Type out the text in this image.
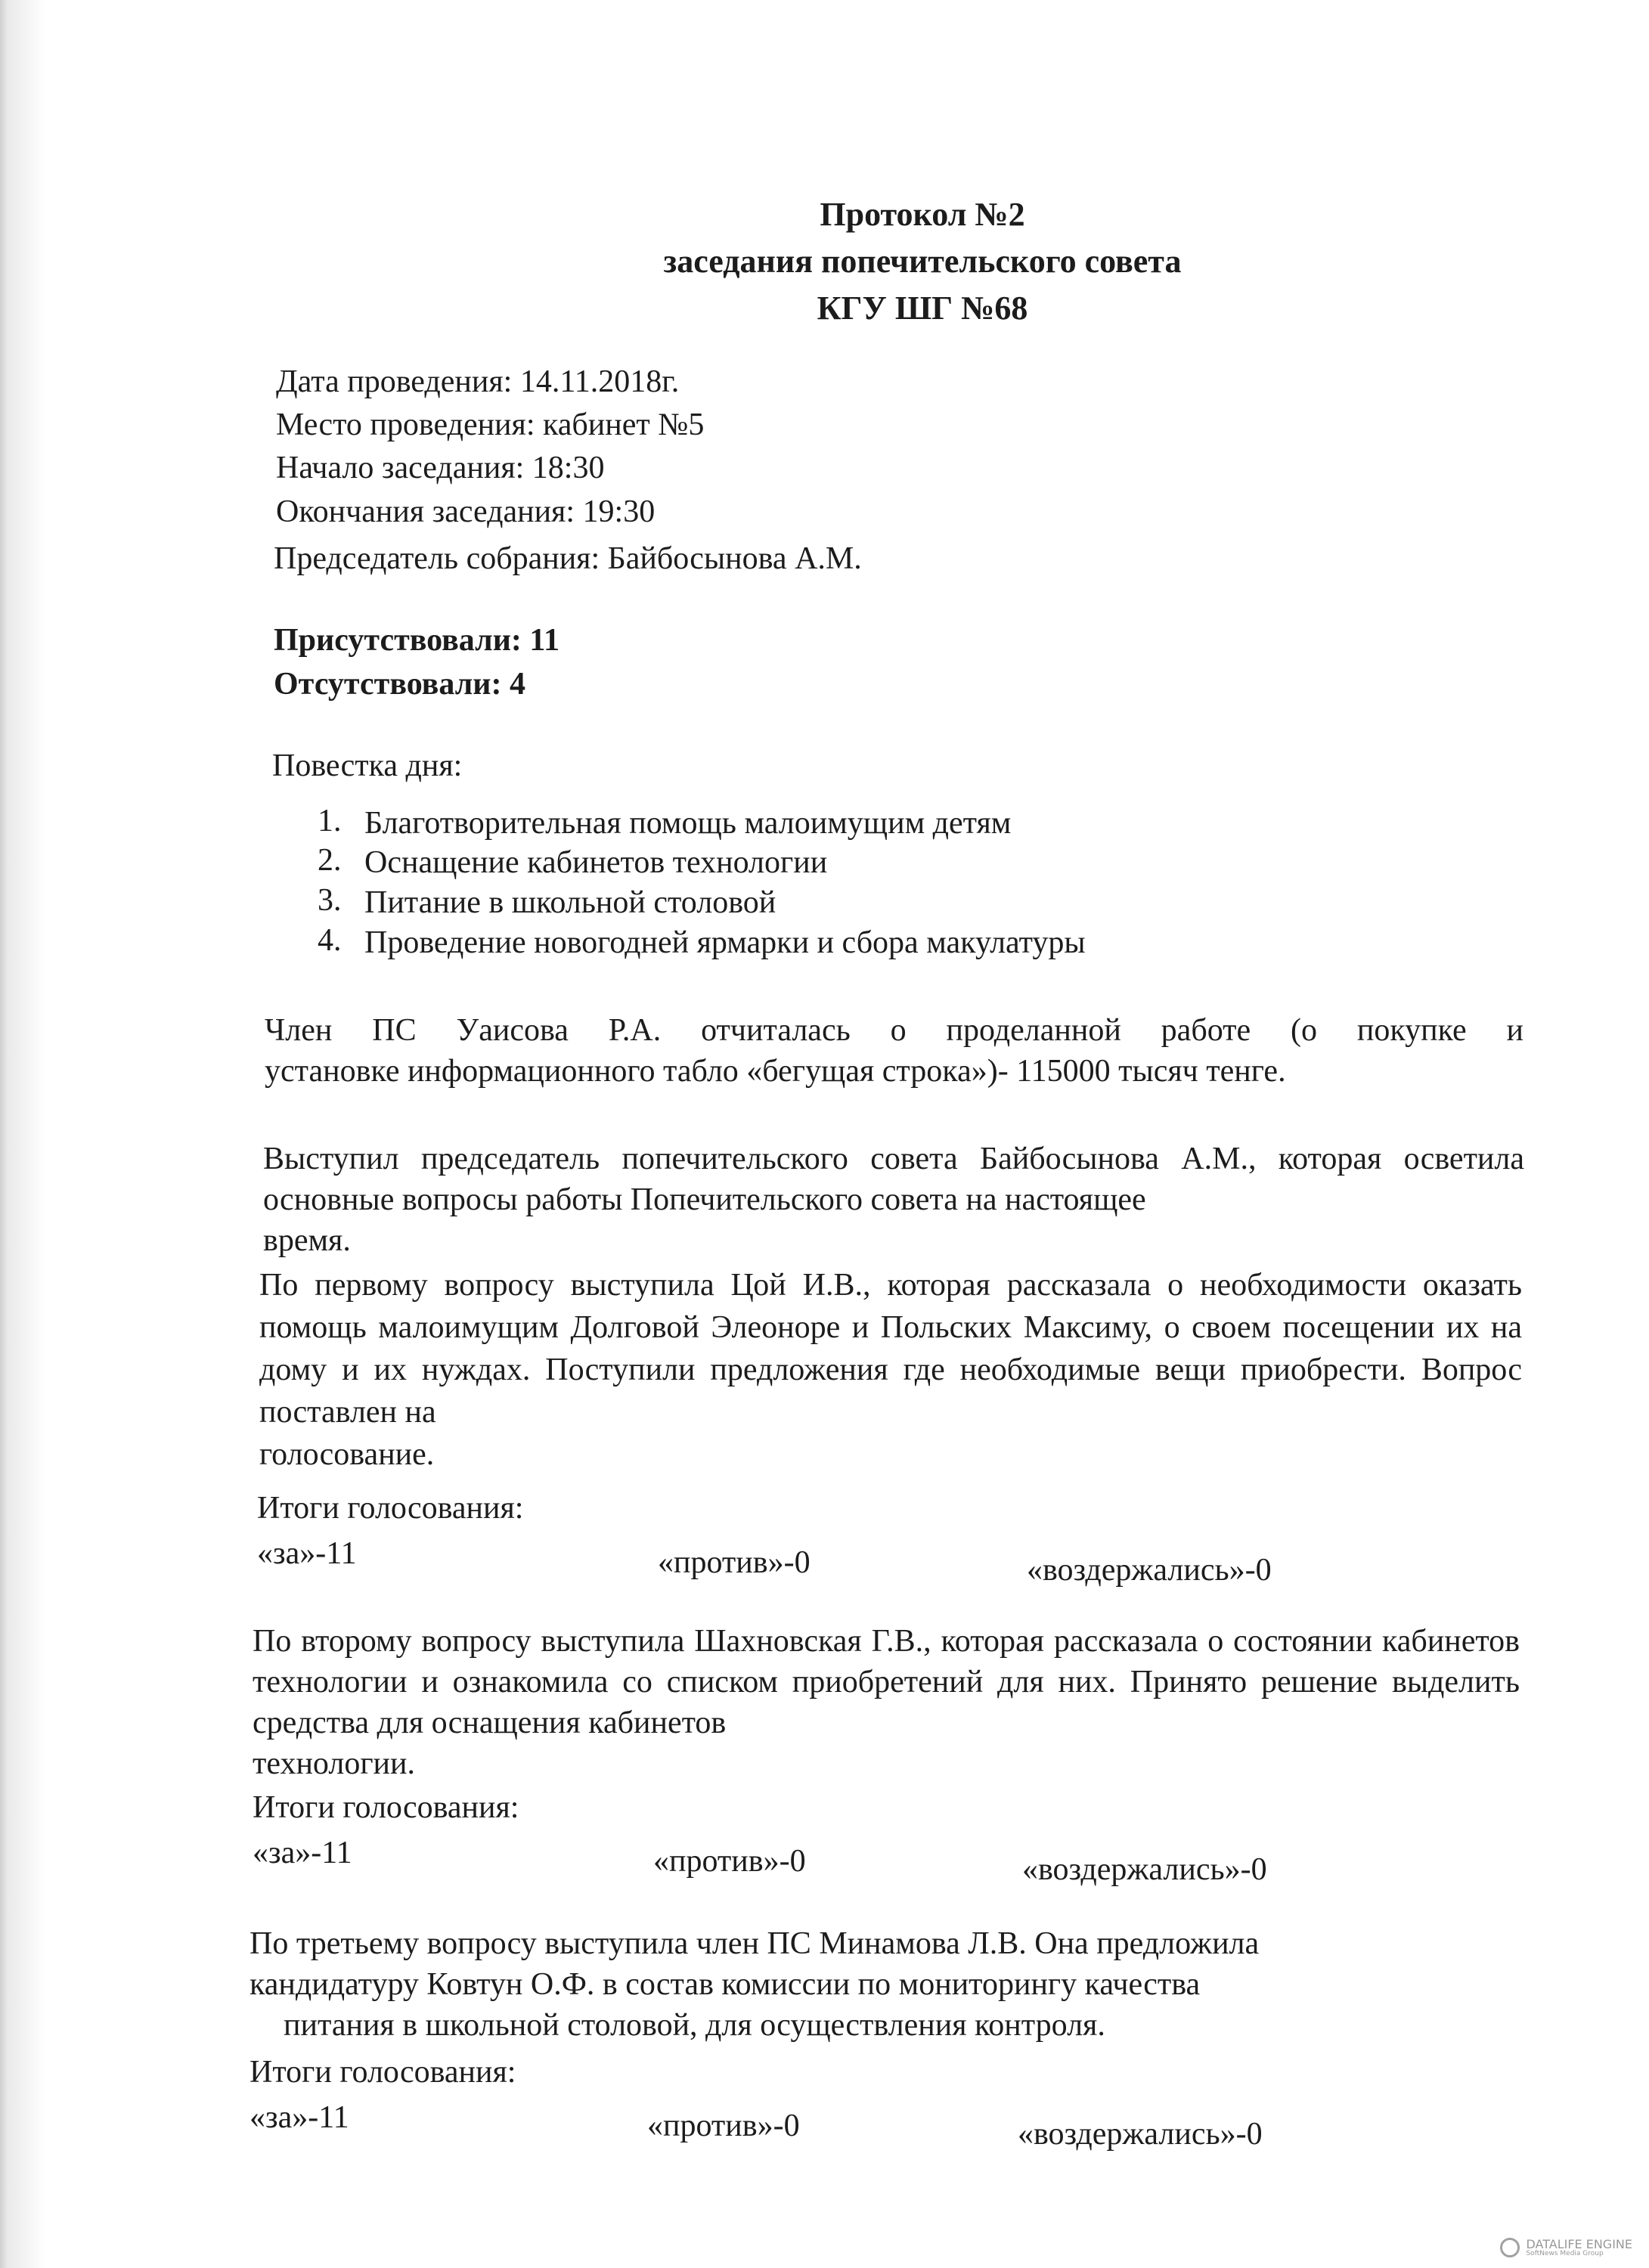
Протокол №2
заседания попечительского совета
КГУ ШГ №68
Дата проведения: 14.11.2018г.
Место проведения: кабинет №5
Начало заседания: 18:30
Окончания заседания: 19:30
Председатель собрания: Байбосынова А.М.
Присутствовали: 11
Отсутствовали: 4
Повестка дня:
1. Благотворительная помощь малоимущим детям
2. Оснащение кабинетов технологии
3. Питание в школьной столовой
4. Проведение новогодней ярмарки и сбора макулатуры
Член ПС Уаисова Р.А. отчиталась о проделанной работе (о покупке и
установке информационного табло «бегущая строка»)- 115000 тысяч тенге.
Выступил председатель попечительского совета Байбосынова А.М., которая осветила основные вопросы работы Попечительского совета на настоящее
время.
По первому вопросу выступила Цой И.В., которая рассказала о необходимости оказать помощь малоимущим Долговой Элеоноре и Польских Максиму, о своем посещении их на дому и их нуждах. Поступили предложения где необходимые вещи приобрести. Вопрос поставлен на
голосование.
Итоги голосования:
«за»-11	«против»-0	«воздержались»-0
По второму вопросу выступила Шахновская Г.В., которая рассказала о состоянии кабинетов технологии и ознакомила со списком приобретений для них. Принято решение выделить средства для оснащения кабинетов
технологии.
Итоги голосования:
«за»-11	«против»-0	«воздержались»-0
По третьему вопросу выступила член ПС Минамова Л.В. Она предложила
кандидатуру Ковтун О.Ф. в состав комиссии по мониторингу качества
питания в школьной столовой, для осуществления контроля.
Итоги голосования:
«за»-11	«против»-0	«воздержались»-0
DATALIFE ENGINE
SoftNews Media Group
